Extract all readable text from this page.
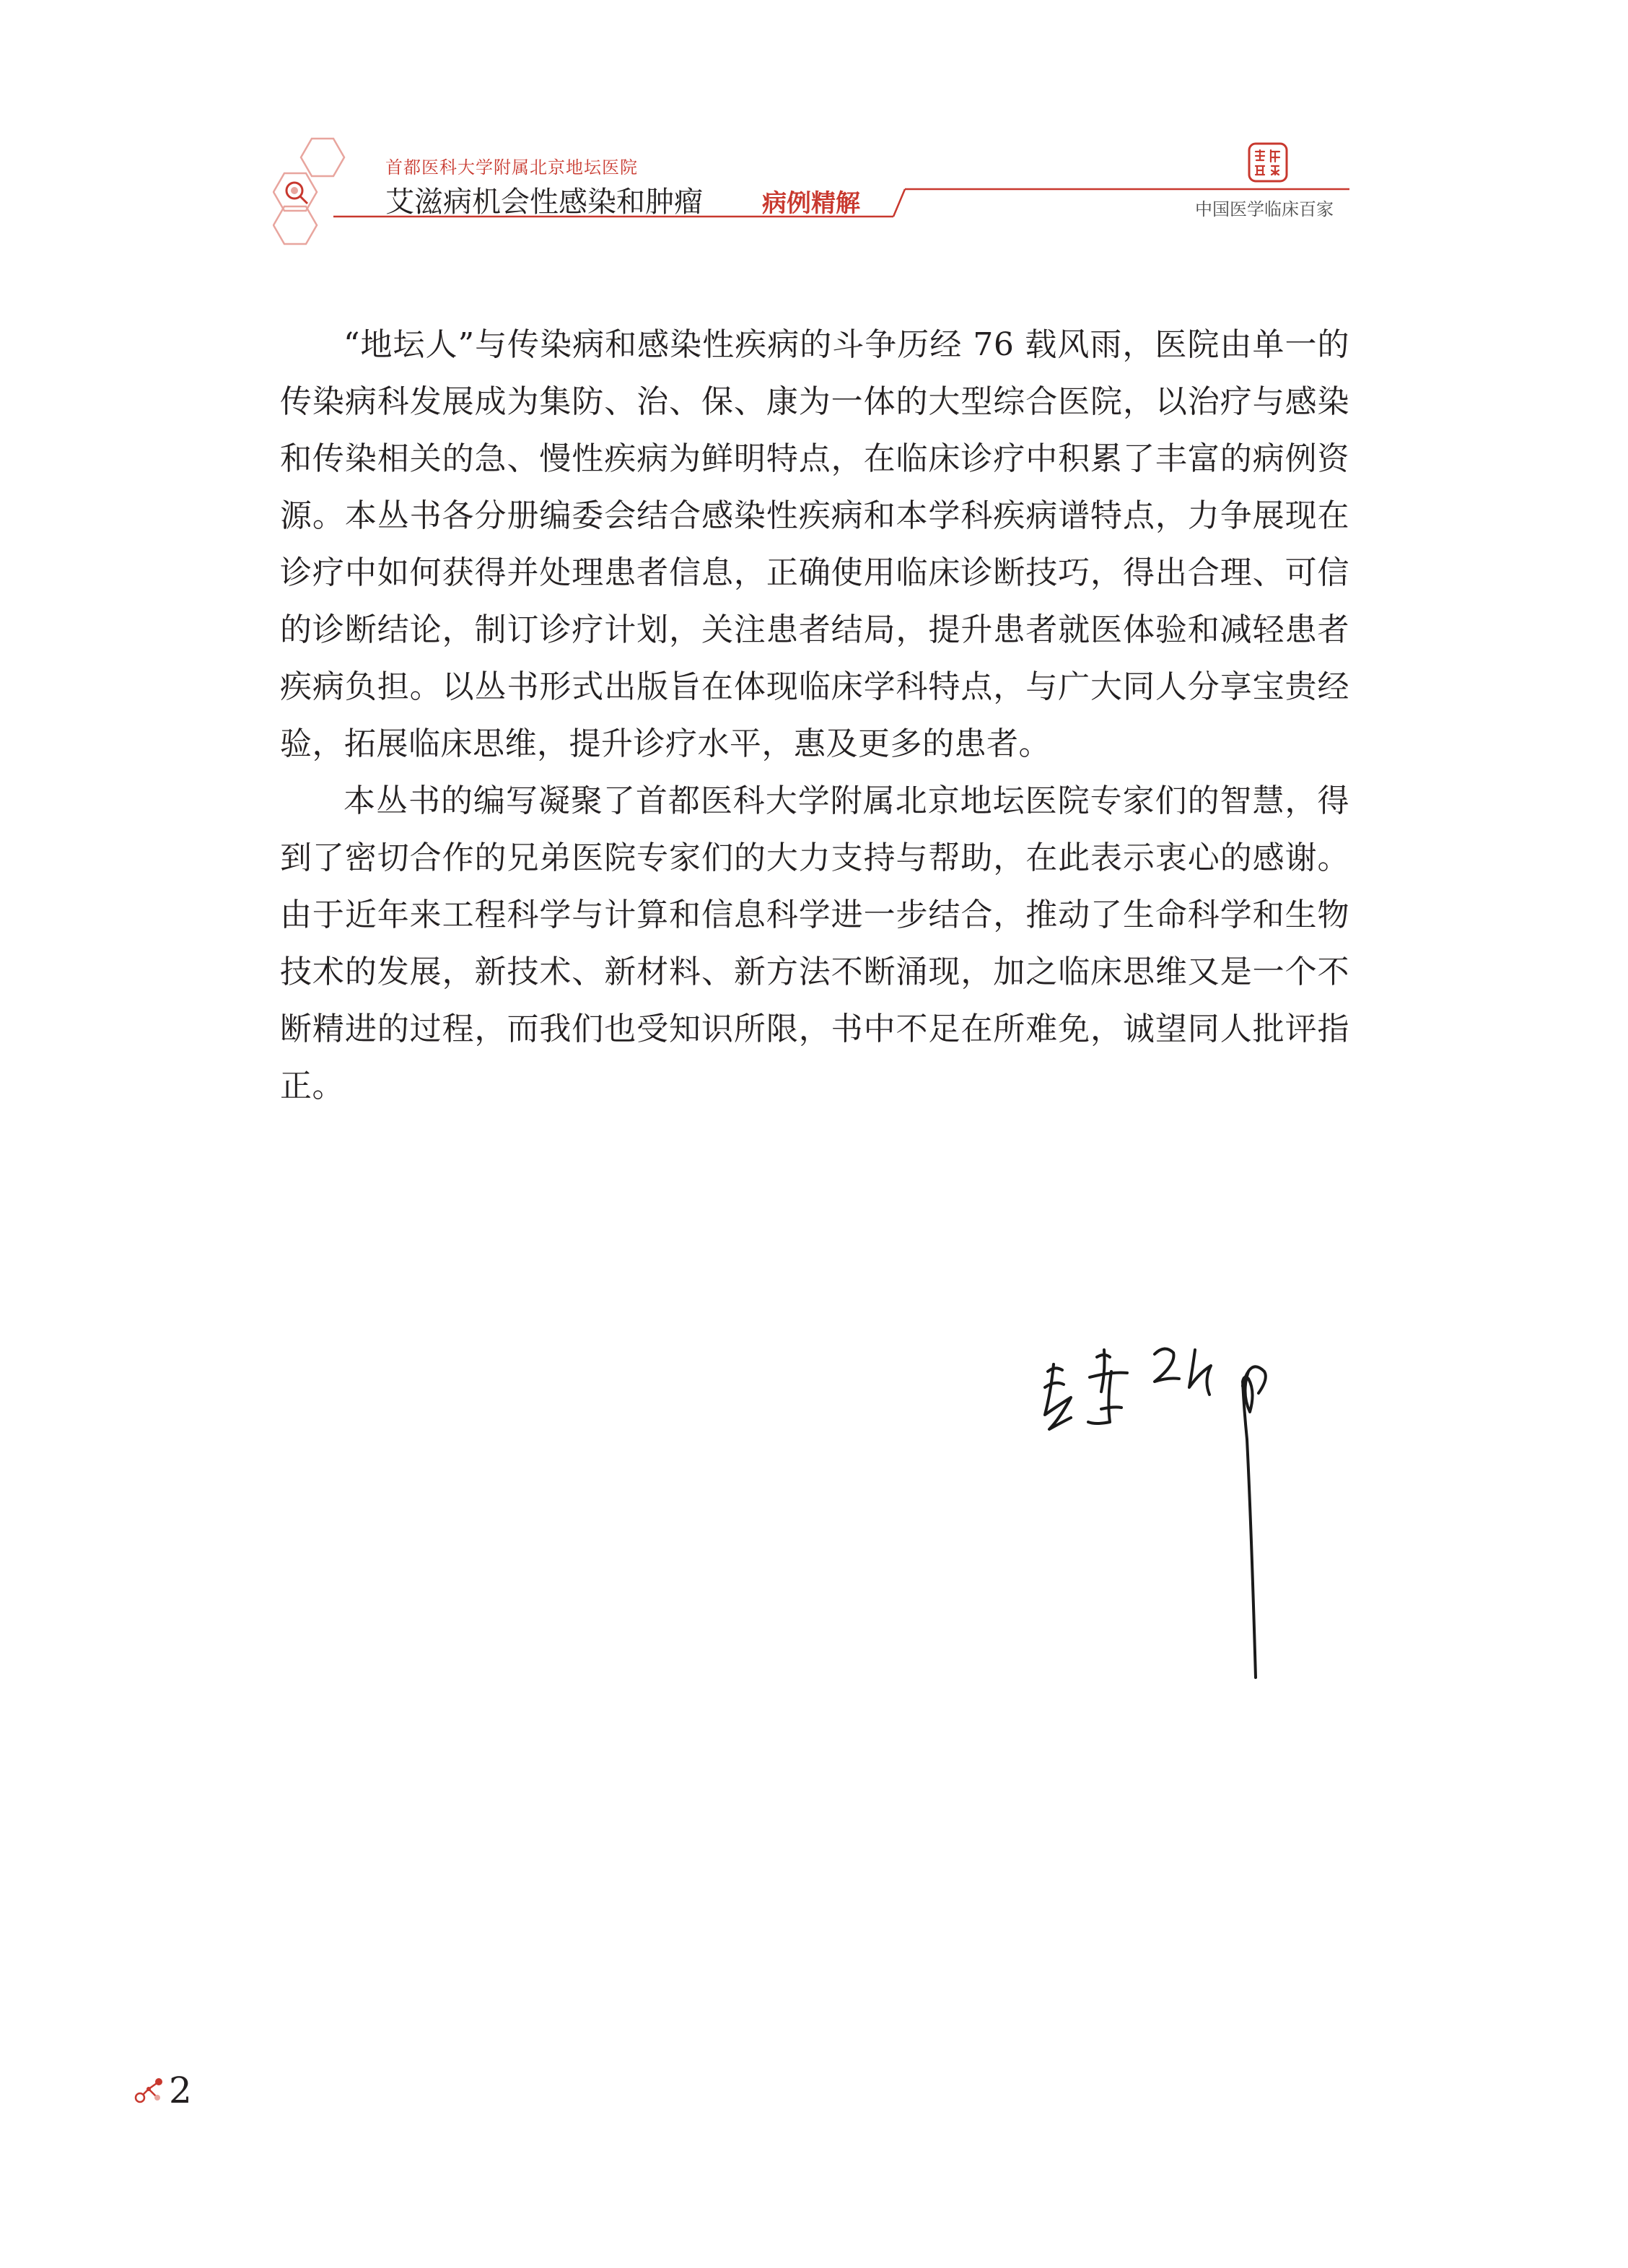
首都医科大学附属北京地坛医院
艾滋病机会性感染和肿瘤 病例精解	中国医学临床百家

“地坛人”与传染病和感染性疾病的斗争历经 76 载风雨，医院由单一的传染病科发展成为集防、治、保、康为一体的大型综合医院，以治疗与感染和传染相关的急、慢性疾病为鲜明特点，在临床诊疗中积累了丰富的病例资源。本丛书各分册编委会结合感染性疾病和本学科疾病谱特点，力争展现在诊疗中如何获得并处理患者信息，正确使用临床诊断技巧，得出合理、可信的诊断结论，制订诊疗计划，关注患者结局，提升患者就医体验和减轻患者疾病负担。以丛书形式出版旨在体现临床学科特点，与广大同人分享宝贵经验，拓展临床思维，提升诊疗水平，惠及更多的患者。

本丛书的编写凝聚了首都医科大学附属北京地坛医院专家们的智慧，得到了密切合作的兄弟医院专家们的大力支持与帮助，在此表示衷心的感谢。由于近年来工程科学与计算和信息科学进一步结合，推动了生命科学和生物技术的发展，新技术、新材料、新方法不断涌现，加之临床思维又是一个不断精进的过程，而我们也受知识所限，书中不足在所难免，诚望同人批评指正。

2
